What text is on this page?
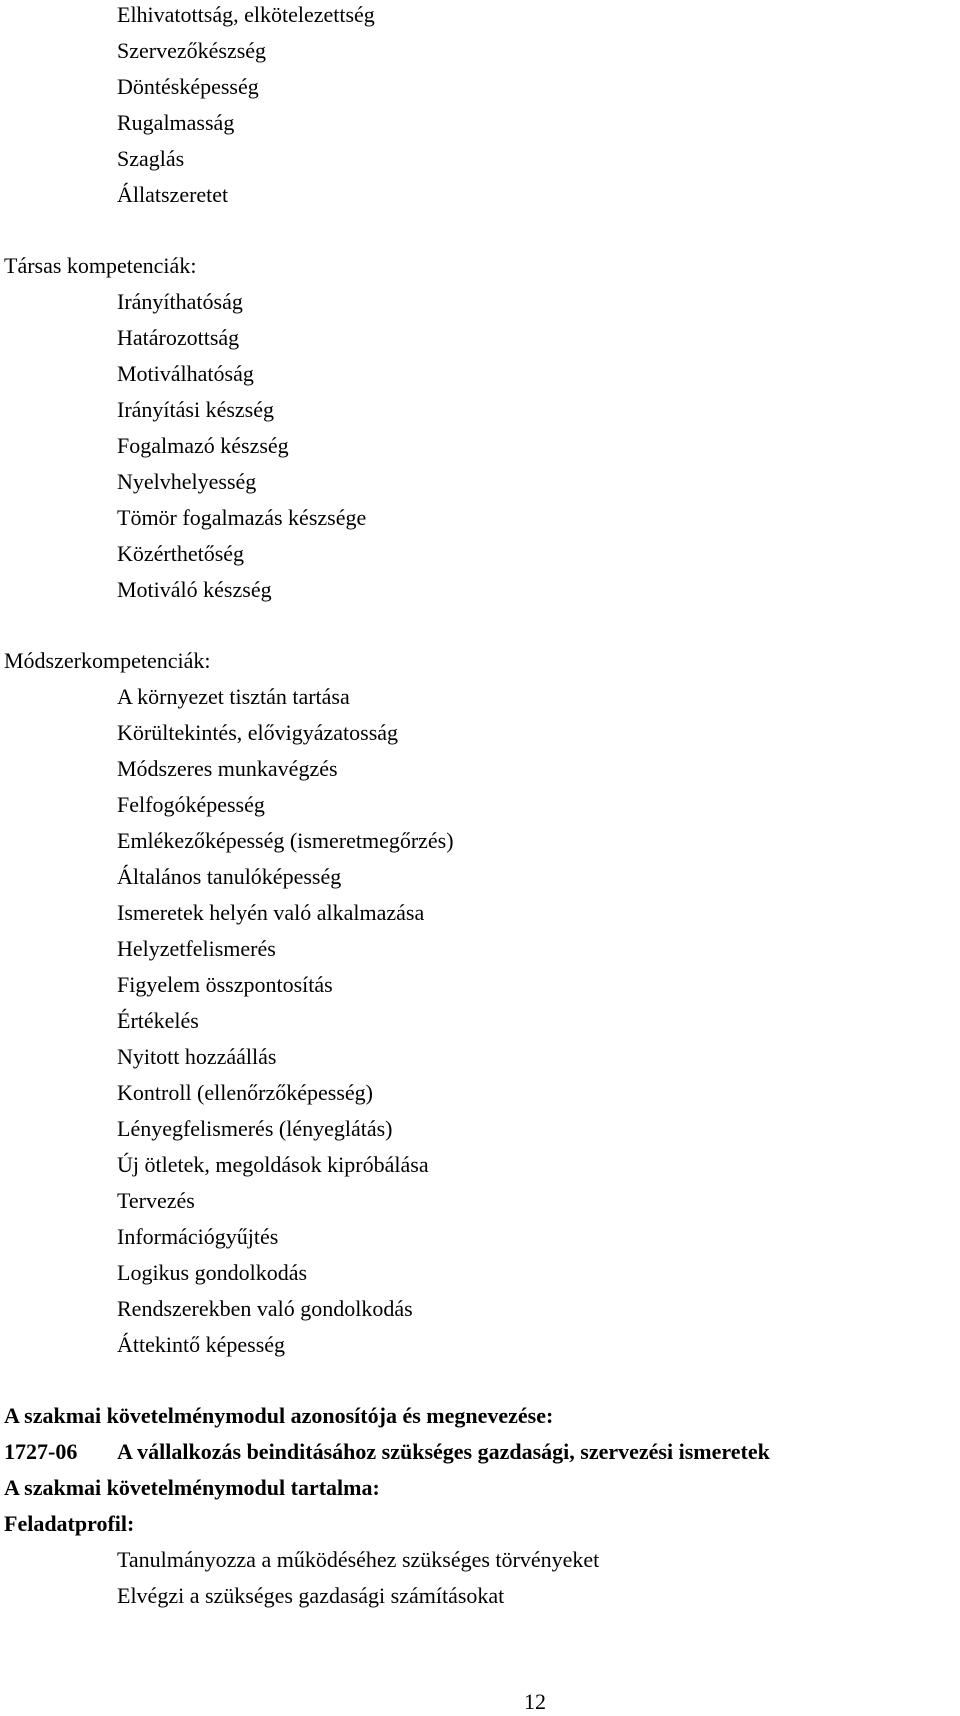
Elhivatottság, elkötelezettség
Szervezőkészség
Döntésképesség
Rugalmasság
Szaglás
Állatszeretet
Társas kompetenciák:
Irányíthatóság
Határozottság
Motiválhatóság
Irányítási készség
Fogalmazó készség
Nyelvhelyesség
Tömör fogalmazás készsége
Közérthetőség
Motiváló készség
Módszerkompetenciák:
A környezet tisztán tartása
Körültekintés, elővigyázatosság
Módszeres munkavégzés
Felfogóképesség
Emlékezőképesség (ismeretmegőrzés)
Általános tanulóképesség
Ismeretek helyén való alkalmazása
Helyzetfelismerés
Figyelem összpontosítás
Értékelés
Nyitott hozzáállás
Kontroll (ellenőrzőképesség)
Lényegfelismerés (lényeglátás)
Új ötletek, megoldások kipróbálása
Tervezés
Információgyűjtés
Logikus gondolkodás
Rendszerekben való gondolkodás
Áttekintő képesség
A szakmai követelménymodul azonosítója és megnevezése:
1727-06 A vállalkozás beinditásához szükséges gazdasági, szervezési ismeretek
A szakmai követelménymodul tartalma:
Feladatprofil:
Tanulmányozza a működéséhez szükséges törvényeket
Elvégzi a szükséges gazdasági számításokat
12
